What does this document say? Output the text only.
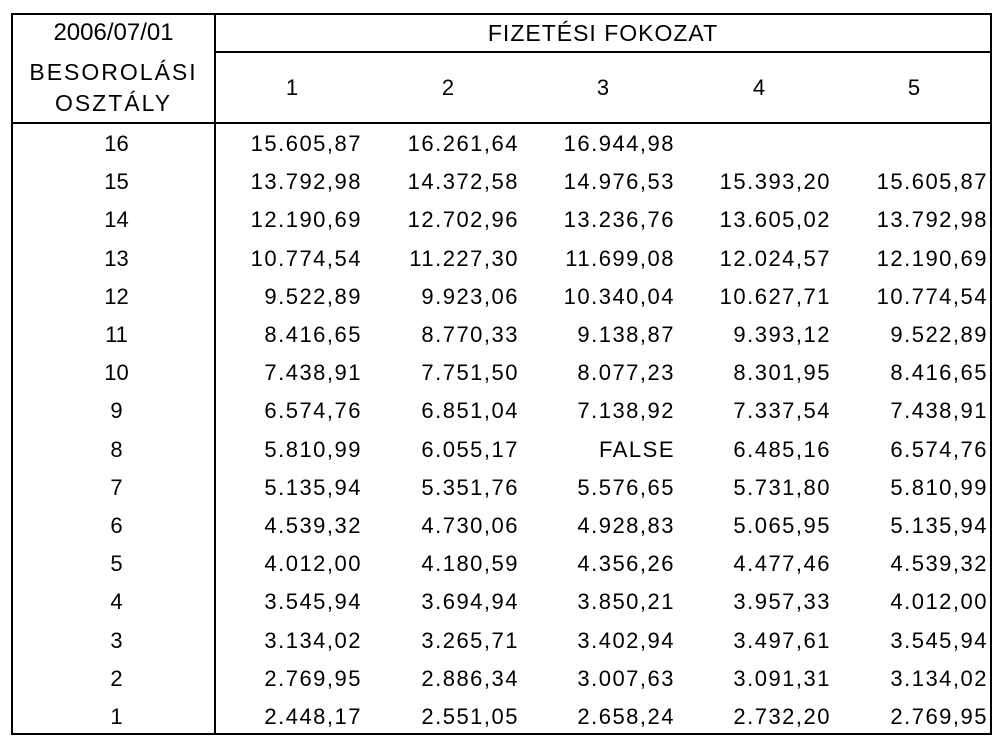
2006/07/01	FIZETÉSI FOKOZAT
BESOROLÁSI
OSZTÁLY
1	2	3	4	5
16	15.605,87	16.261,64	16.944,98
15	13.792,98	14.372,58	14.976,53	15.393,20	15.605,87
14	12.190,69	12.702,96	13.236,76	13.605,02	13.792,98
13	10.774,54	11.227,30	11.699,08	12.024,57	12.190,69
12	9.522,89	9.923,06	10.340,04	10.627,71	10.774,54
11	8.416,65	8.770,33	9.138,87	9.393,12	9.522,89
10	7.438,91	7.751,50	8.077,23	8.301,95	8.416,65
9	6.574,76	6.851,04	7.138,92	7.337,54	7.438,91
8	5.810,99	6.055,17	FALSE	6.485,16	6.574,76
7	5.135,94	5.351,76	5.576,65	5.731,80	5.810,99
6	4.539,32	4.730,06	4.928,83	5.065,95	5.135,94
5	4.012,00	4.180,59	4.356,26	4.477,46	4.539,32
4	3.545,94	3.694,94	3.850,21	3.957,33	4.012,00
3	3.134,02	3.265,71	3.402,94	3.497,61	3.545,94
2	2.769,95	2.886,34	3.007,63	3.091,31	3.134,02
1	2.448,17	2.551,05	2.658,24	2.732,20	2.769,95
